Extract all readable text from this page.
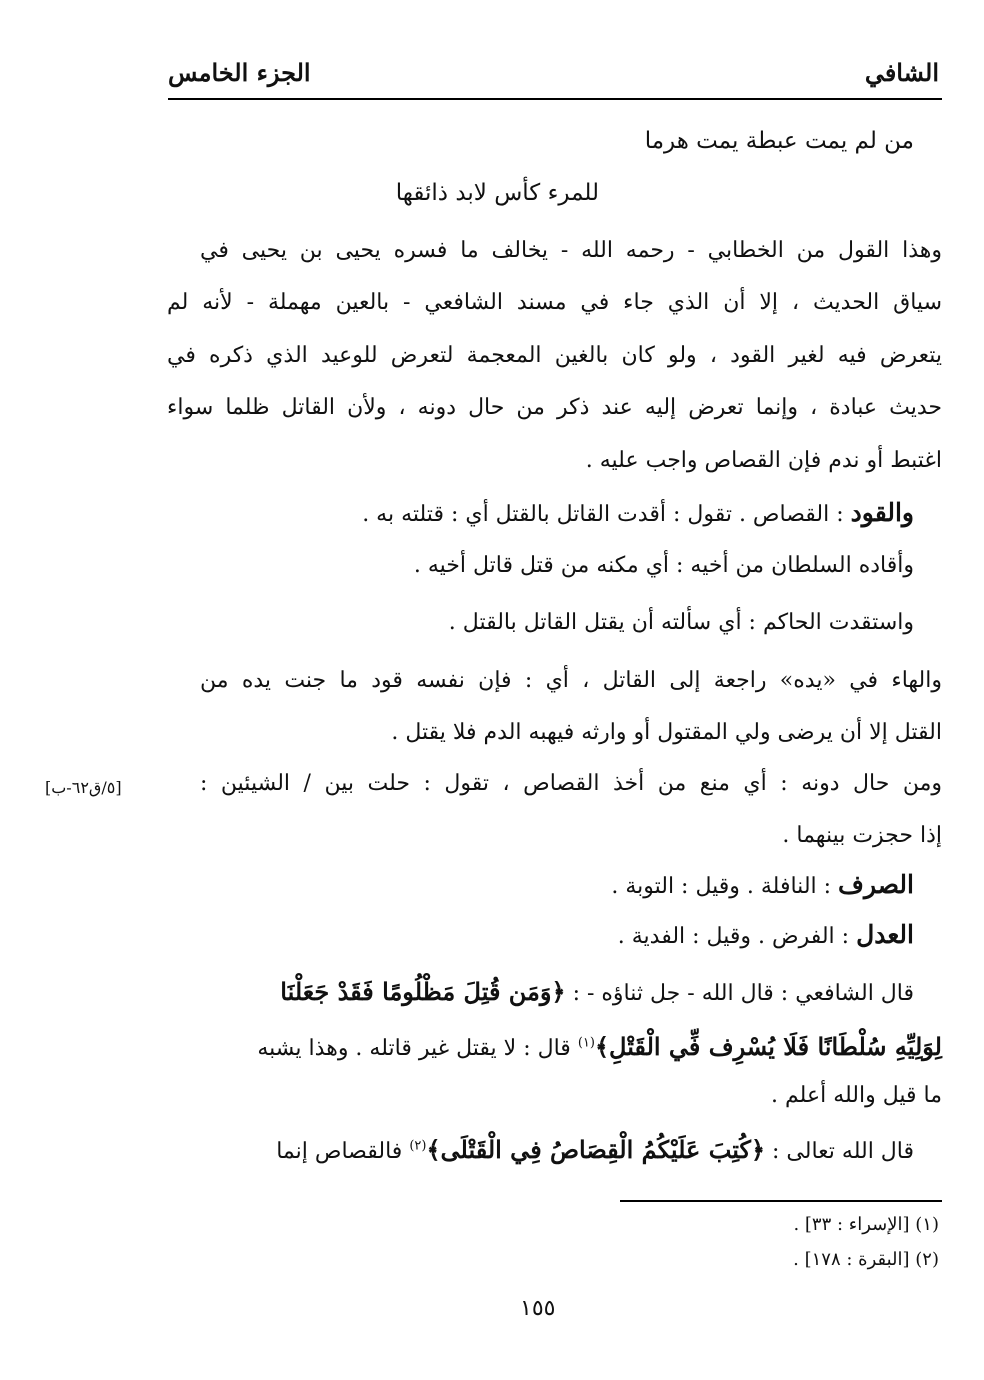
الشافي
الجزء الخامس
من لم يمت عبطة يمت هرما
للمرء كأس لابد ذائقها
وهذا القول من الخطابي - رحمه الله - يخالف ما فسره يحيى بن يحيى في
سياق الحديث ، إلا أن الذي جاء في مسند الشافعي - بالعين مهملة - لأنه لم
يتعرض فيه لغير القود ، ولو كان بالغين المعجمة لتعرض للوعيد الذي ذكره في
حديث عبادة ، وإنما تعرض إليه عند ذكر من حال دونه ، ولأن القاتل ظلما سواء
اغتبط أو ندم فإن القصاص واجب عليه .
والقود : القصاص . تقول : أقدت القاتل بالقتل أي : قتلته به .
وأقاده السلطان من أخيه : أي مكنه من قتل قاتل أخيه .
واستقدت الحاكم : أي سألته أن يقتل القاتل بالقتل .
والهاء في «يده» راجعة إلى القاتل ، أي : فإن نفسه قود ما جنت يده من
القتل إلا أن يرضى ولي المقتول أو وارثه فيهبه الدم فلا يقتل .
ومن حال دونه : أي منع من أخذ القصاص ، تقول : حلت بين / الشيئين :
إذا حجزت بينهما .
[٥/ق٦٢-ب]
الصرف : النافلة . وقيل : التوبة .
العدل : الفرض . وقيل : الفدية .
قال الشافعي : قال الله - جل ثناؤه - : ﴿وَمَن قُتِلَ مَظْلُومًا فَقَدْ جَعَلْنَا
لِوَلِيِّهِ سُلْطَانًا فَلَا يُسْرِف فِّي الْقَتْلِ﴾$^{(١)}$ قال : لا يقتل غير قاتله . وهذا يشبه
ما قيل والله أعلم .
قال الله تعالى : ﴿كُتِبَ عَلَيْكُمُ الْقِصَاصُ فِي الْقَتْلَى﴾$^{(٢)}$ فالقصاص إنما
(١) [الإسراء : ٣٣] .
(٢) [البقرة : ١٧٨] .
١٥٥
